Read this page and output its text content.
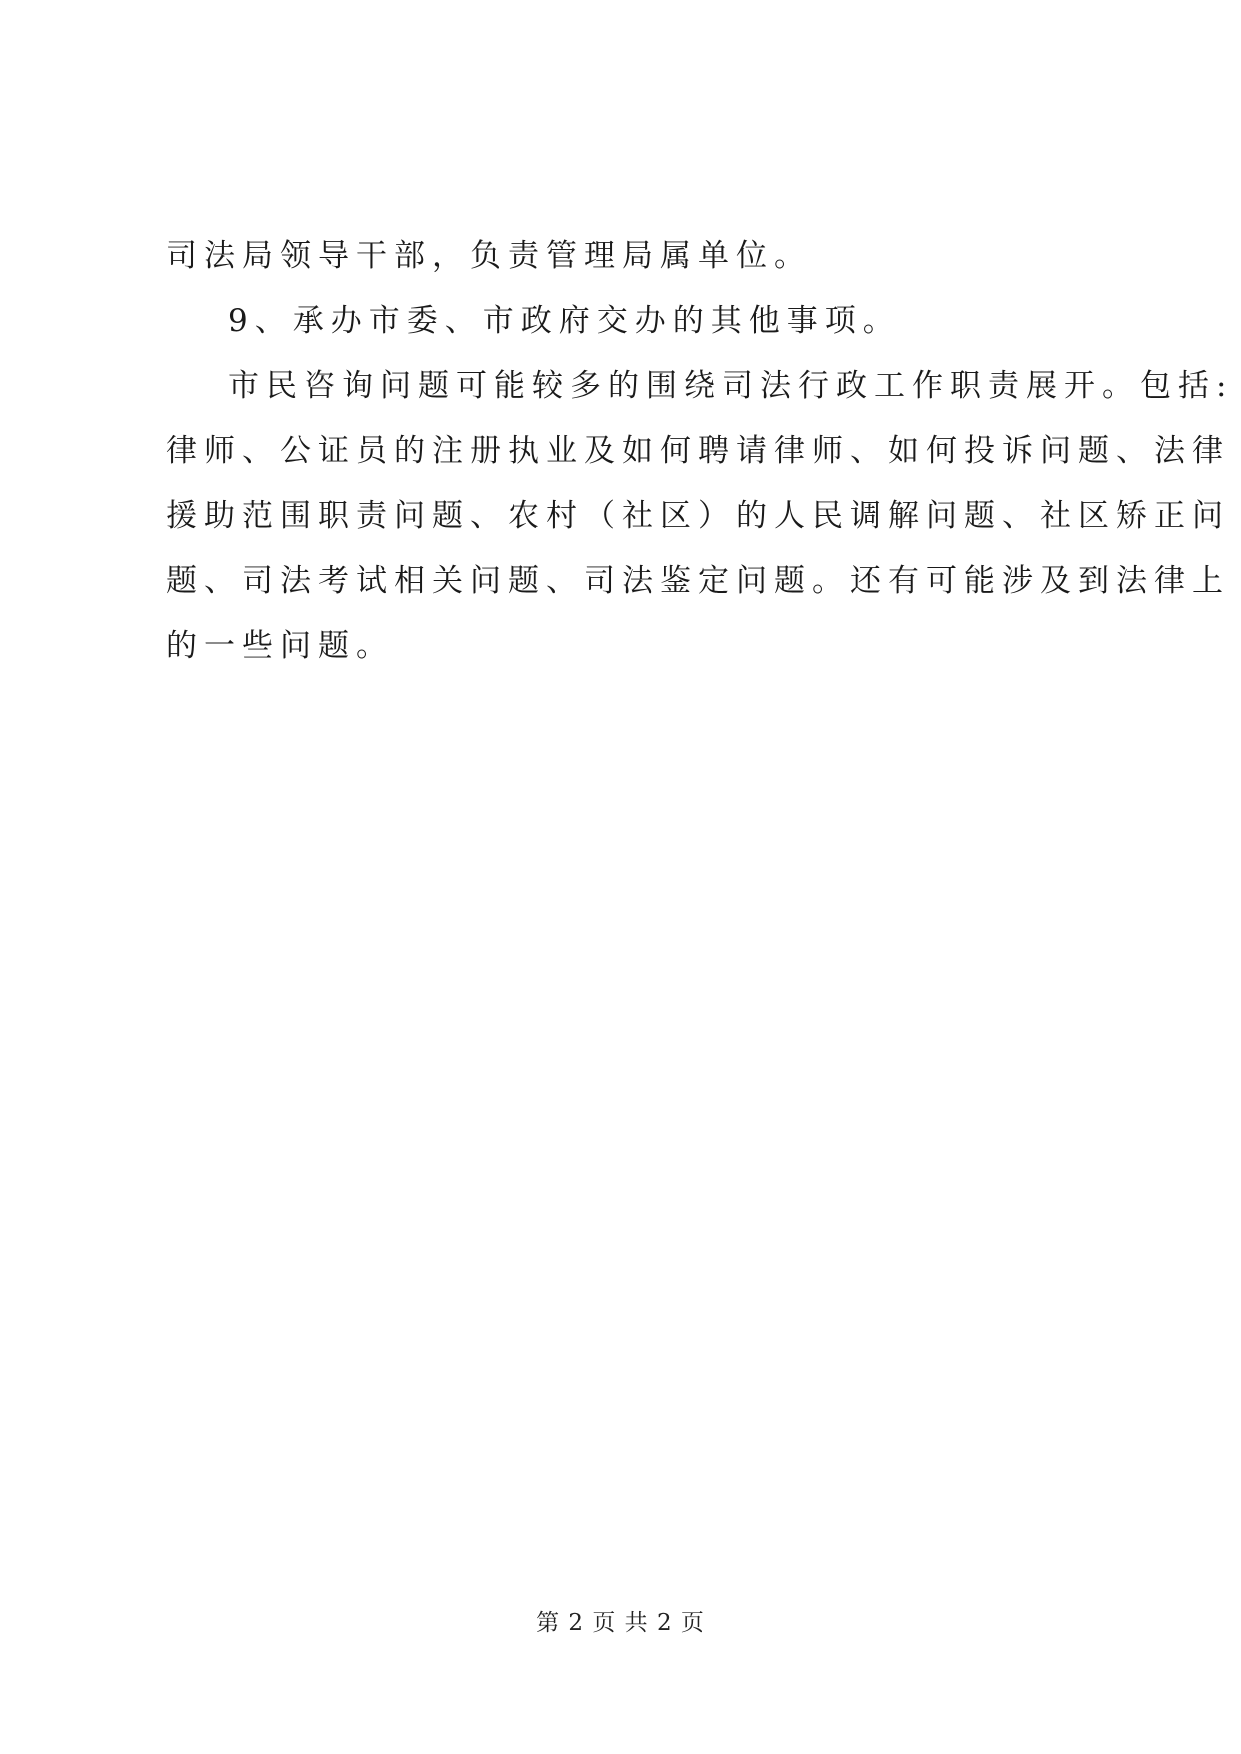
司法局领导干部，负责管理局属单位。
9、承办市委、市政府交办的其他事项。
市民咨询问题可能较多的围绕司法行政工作职责展开。包括:
律师、公证员的注册执业及如何聘请律师、如何投诉问题、法律
援助范围职责问题、农村（社区）的人民调解问题、社区矫正问
题、司法考试相关问题、司法鉴定问题。还有可能涉及到法律上
的一些问题。
第 2 页 共 2 页
